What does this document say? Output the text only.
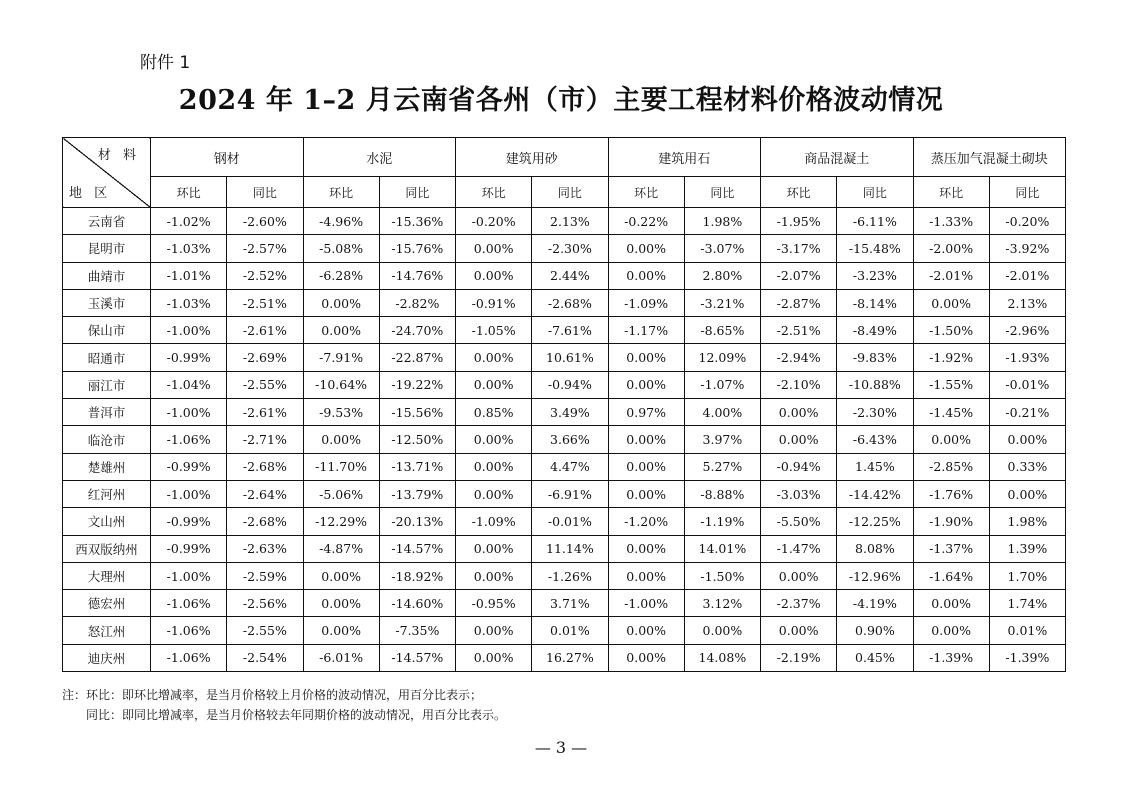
附件 1
2024 年 1–2 月云南省各州（市）主要工程材料价格波动情况
材 料
地 区	钢材		水泥		建筑用砂		建筑用石		商品混凝土		蒸压加气混凝土砌块	
	环比	同比	环比	同比	环比	同比	环比	同比	环比	同比	环比	同比
云南省	-1.02%	-2.60%	-4.96%	-15.36%	-0.20%	2.13%	-0.22%	1.98%	-1.95%	-6.11%	-1.33%	-0.20%
昆明市	-1.03%	-2.57%	-5.08%	-15.76%	0.00%	-2.30%	0.00%	-3.07%	-3.17%	-15.48%	-2.00%	-3.92%
曲靖市	-1.01%	-2.52%	-6.28%	-14.76%	0.00%	2.44%	0.00%	2.80%	-2.07%	-3.23%	-2.01%	-2.01%
玉溪市	-1.03%	-2.51%	0.00%	-2.82%	-0.91%	-2.68%	-1.09%	-3.21%	-2.87%	-8.14%	0.00%	2.13%
保山市	-1.00%	-2.61%	0.00%	-24.70%	-1.05%	-7.61%	-1.17%	-8.65%	-2.51%	-8.49%	-1.50%	-2.96%
昭通市	-0.99%	-2.69%	-7.91%	-22.87%	0.00%	10.61%	0.00%	12.09%	-2.94%	-9.83%	-1.92%	-1.93%
丽江市	-1.04%	-2.55%	-10.64%	-19.22%	0.00%	-0.94%	0.00%	-1.07%	-2.10%	-10.88%	-1.55%	-0.01%
普洱市	-1.00%	-2.61%	-9.53%	-15.56%	0.85%	3.49%	0.97%	4.00%	0.00%	-2.30%	-1.45%	-0.21%
临沧市	-1.06%	-2.71%	0.00%	-12.50%	0.00%	3.66%	0.00%	3.97%	0.00%	-6.43%	0.00%	0.00%
楚雄州	-0.99%	-2.68%	-11.70%	-13.71%	0.00%	4.47%	0.00%	5.27%	-0.94%	1.45%	-2.85%	0.33%
红河州	-1.00%	-2.64%	-5.06%	-13.79%	0.00%	-6.91%	0.00%	-8.88%	-3.03%	-14.42%	-1.76%	0.00%
文山州	-0.99%	-2.68%	-12.29%	-20.13%	-1.09%	-0.01%	-1.20%	-1.19%	-5.50%	-12.25%	-1.90%	1.98%
西双版纳州	-0.99%	-2.63%	-4.87%	-14.57%	0.00%	11.14%	0.00%	14.01%	-1.47%	8.08%	-1.37%	1.39%
大理州	-1.00%	-2.59%	0.00%	-18.92%	0.00%	-1.26%	0.00%	-1.50%	0.00%	-12.96%	-1.64%	1.70%
德宏州	-1.06%	-2.56%	0.00%	-14.60%	-0.95%	3.71%	-1.00%	3.12%	-2.37%	-4.19%	0.00%	1.74%
怒江州	-1.06%	-2.55%	0.00%	-7.35%	0.00%	0.01%	0.00%	0.00%	0.00%	0.90%	0.00%	0.01%
迪庆州	-1.06%	-2.54%	-6.01%	-14.57%	0.00%	16.27%	0.00%	14.08%	-2.19%	0.45%	-1.39%	-1.39%
注：环比：即环比增减率，是当月价格较上月价格的波动情况，用百分比表示；
　　同比：即同比增减率，是当月价格较去年同期价格的波动情况，用百分比表示。
— 3 —
